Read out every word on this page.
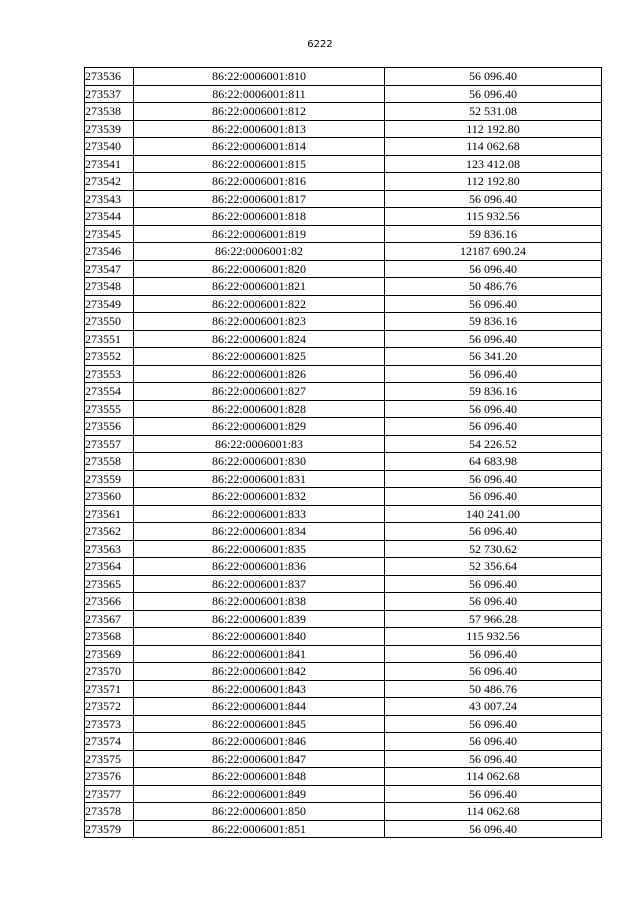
6222
273536	86:22:0006001:810	56 096.40
273537	86:22:0006001:811	56 096.40
273538	86:22:0006001:812	52 531.08
273539	86:22:0006001:813	112 192.80
273540	86:22:0006001:814	114 062.68
273541	86:22:0006001:815	123 412.08
273542	86:22:0006001:816	112 192.80
273543	86:22:0006001:817	56 096.40
273544	86:22:0006001:818	115 932.56
273545	86:22:0006001:819	59 836.16
273546	86:22:0006001:82	12187 690.24
273547	86:22:0006001:820	56 096.40
273548	86:22:0006001:821	50 486.76
273549	86:22:0006001:822	56 096.40
273550	86:22:0006001:823	59 836.16
273551	86:22:0006001:824	56 096.40
273552	86:22:0006001:825	56 341.20
273553	86:22:0006001:826	56 096.40
273554	86:22:0006001:827	59 836.16
273555	86:22:0006001:828	56 096.40
273556	86:22:0006001:829	56 096.40
273557	86:22:0006001:83	54 226.52
273558	86:22:0006001:830	64 683.98
273559	86:22:0006001:831	56 096.40
273560	86:22:0006001:832	56 096.40
273561	86:22:0006001:833	140 241.00
273562	86:22:0006001:834	56 096.40
273563	86:22:0006001:835	52 730.62
273564	86:22:0006001:836	52 356.64
273565	86:22:0006001:837	56 096.40
273566	86:22:0006001:838	56 096.40
273567	86:22:0006001:839	57 966.28
273568	86:22:0006001:840	115 932.56
273569	86:22:0006001:841	56 096.40
273570	86:22:0006001:842	56 096.40
273571	86:22:0006001:843	50 486.76
273572	86:22:0006001:844	43 007.24
273573	86:22:0006001:845	56 096.40
273574	86:22:0006001:846	56 096.40
273575	86:22:0006001:847	56 096.40
273576	86:22:0006001:848	114 062.68
273577	86:22:0006001:849	56 096.40
273578	86:22:0006001:850	114 062.68
273579	86:22:0006001:851	56 096.40
